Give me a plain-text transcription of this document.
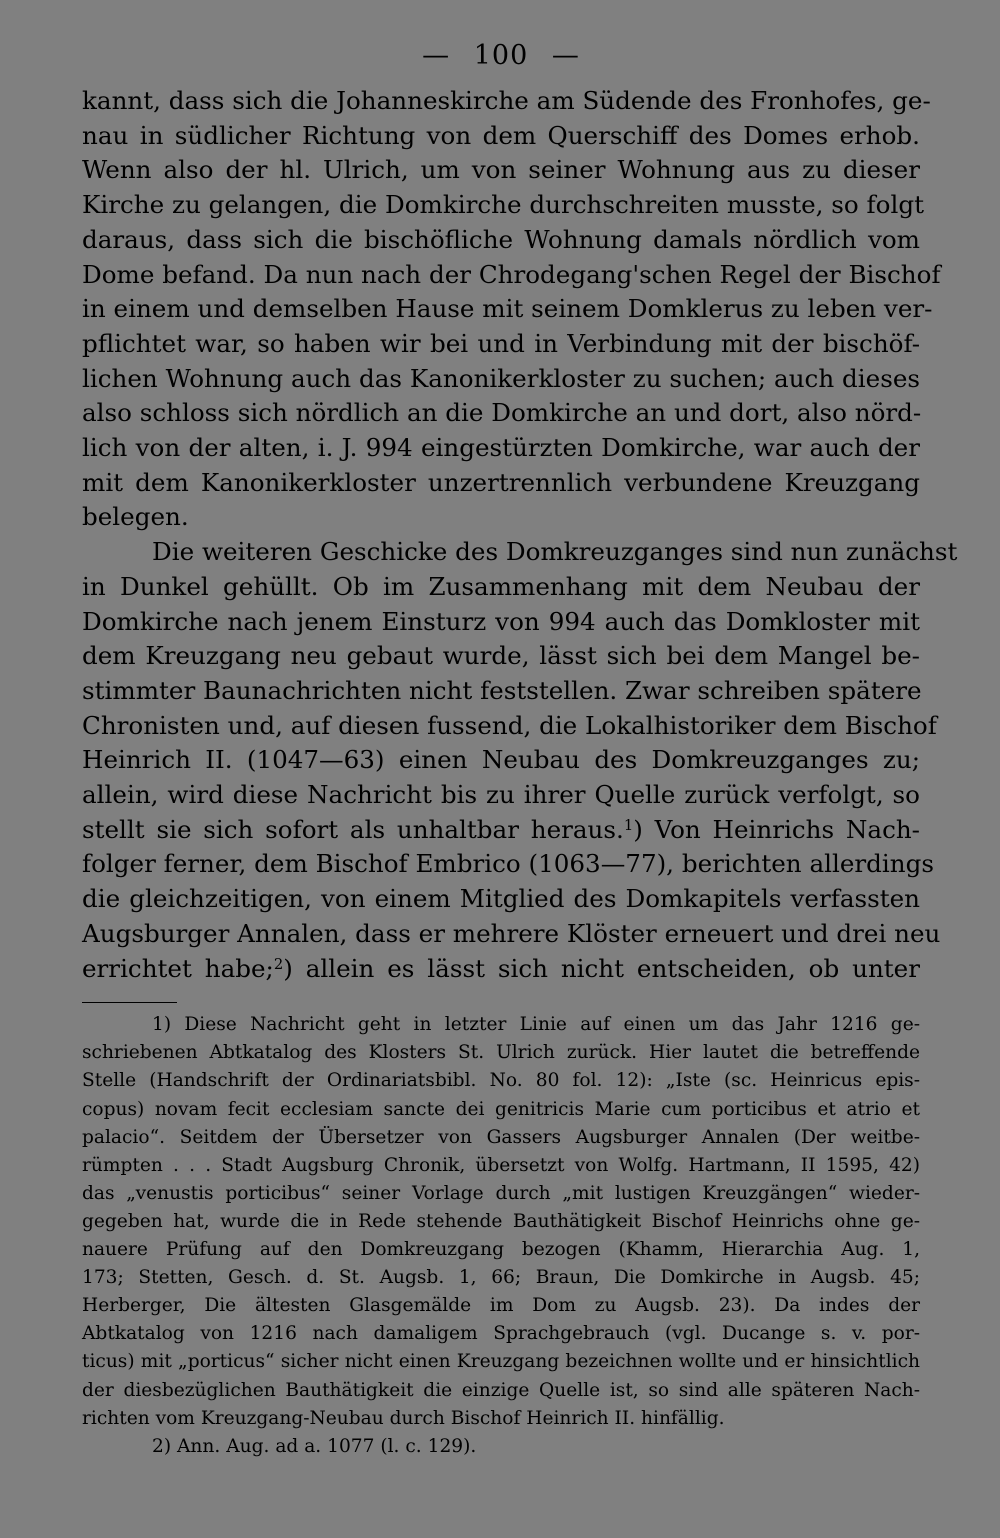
— 100 —
kannt, dass sich die Johanneskirche am Südende des Fronhofes, ge-
nau in südlicher Richtung von dem Querschiff des Domes erhob.
Wenn also der hl. Ulrich, um von seiner Wohnung aus zu dieser
Kirche zu gelangen, die Domkirche durchschreiten musste, so folgt
daraus, dass sich die bischöfliche Wohnung damals nördlich vom
Dome befand. Da nun nach der Chrodegang'schen Regel der Bischof
in einem und demselben Hause mit seinem Domklerus zu leben ver-
pflichtet war, so haben wir bei und in Verbindung mit der bischöf-
lichen Wohnung auch das Kanonikerkloster zu suchen; auch dieses
also schloss sich nördlich an die Domkirche an und dort, also nörd-
lich von der alten, i. J. 994 eingestürzten Domkirche, war auch der
mit dem Kanonikerkloster unzertrennlich verbundene Kreuzgang
belegen.
Die weiteren Geschicke des Domkreuzganges sind nun zunächst
in Dunkel gehüllt. Ob im Zusammenhang mit dem Neubau der
Domkirche nach jenem Einsturz von 994 auch das Domkloster mit
dem Kreuzgang neu gebaut wurde, lässt sich bei dem Mangel be-
stimmter Baunachrichten nicht feststellen. Zwar schreiben spätere
Chronisten und, auf diesen fussend, die Lokalhistoriker dem Bischof
Heinrich II. (1047—63) einen Neubau des Domkreuzganges zu;
allein, wird diese Nachricht bis zu ihrer Quelle zurück verfolgt, so
stellt sie sich sofort als unhaltbar heraus.$^1$) Von Heinrichs Nach-
folger ferner, dem Bischof Embrico (1063—77), berichten allerdings
die gleichzeitigen, von einem Mitglied des Domkapitels verfassten
Augsburger Annalen, dass er mehrere Klöster erneuert und drei neu
errichtet habe;$^2$) allein es lässt sich nicht entscheiden, ob unter
1) Diese Nachricht geht in letzter Linie auf einen um das Jahr 1216 ge-
schriebenen Abtkatalog des Klosters St. Ulrich zurück. Hier lautet die betreffende
Stelle (Handschrift der Ordinariatsbibl. No. 80 fol. 12): „Iste (sc. Heinricus epis-
copus) novam fecit ecclesiam sancte dei genitricis Marie cum porticibus et atrio et
palacio“. Seitdem der Übersetzer von Gassers Augsburger Annalen (Der weitbe-
rümpten . . . Stadt Augsburg Chronik, übersetzt von Wolfg. Hartmann, II 1595, 42)
das „venustis porticibus“ seiner Vorlage durch „mit lustigen Kreuzgängen“ wieder-
gegeben hat, wurde die in Rede stehende Bauthätigkeit Bischof Heinrichs ohne ge-
nauere Prüfung auf den Domkreuzgang bezogen (Khamm, Hierarchia Aug. 1,
173; Stetten, Gesch. d. St. Augsb. 1, 66; Braun, Die Domkirche in Augsb. 45;
Herberger, Die ältesten Glasgemälde im Dom zu Augsb. 23). Da indes der
Abtkatalog von 1216 nach damaligem Sprachgebrauch (vgl. Ducange s. v. por-
ticus) mit „porticus“ sicher nicht einen Kreuzgang bezeichnen wollte und er hinsichtlich
der diesbezüglichen Bauthätigkeit die einzige Quelle ist, so sind alle späteren Nach-
richten vom Kreuzgang-Neubau durch Bischof Heinrich II. hinfällig.
2) Ann. Aug. ad a. 1077 (l. c. 129).
